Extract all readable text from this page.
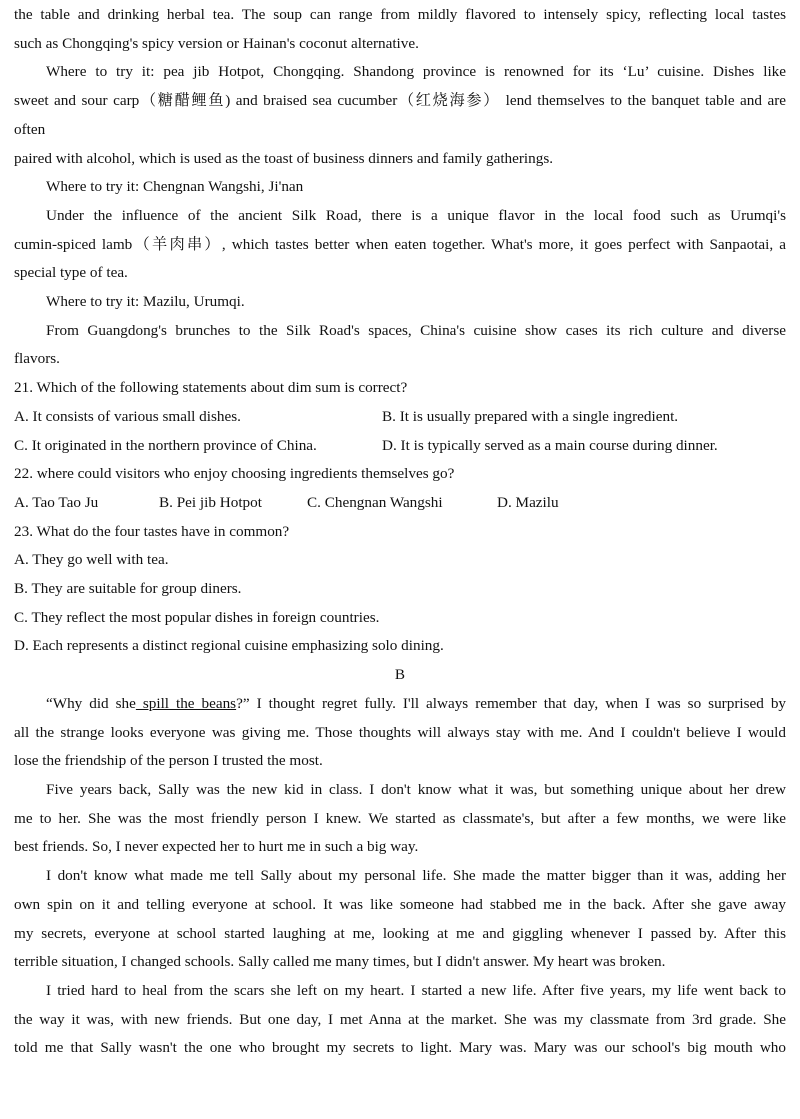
the table and drinking herbal tea. The soup can range from mildly flavored to intensely spicy, reflecting local tastes

such as Chongqing's spicy version or Hainan's coconut alternative.

Where to try it: pea jib Hotpot, Chongqing. Shandong province is renowned for its ‘Lu’ cuisine. Dishes like

sweet and sour carp（糖醋鲤鱼) and braised sea cucumber（红烧海参） lend themselves to the banquet table and are

often

paired with alcohol, which is used as the toast of business dinners and family gatherings.

Where to try it: Chengnan Wangshi, Ji'nan

Under the influence of the ancient Silk Road, there is a unique flavor in the local food such as Urumqi's

cumin-spiced lamb（羊肉串）, which tastes better when eaten together. What's more, it goes perfect with Sanpaotai, a

special type of tea.

Where to try it: Mazilu, Urumqi.

From Guangdong's brunches to the Silk Road's spaces, China's cuisine show cases its rich culture and diverse

flavors.

21. Which of the following statements about dim sum is correct?

A. It consists of various small dishes.	B. It is usually prepared with a single ingredient.
C. It originated in the northern province of China.	D. It is typically served as a main course during dinner.

22. where could visitors who enjoy choosing ingredients themselves go?

A. Tao Tao Ju	B. Pei jib Hotpot	C. Chengnan Wangshi	D. Mazilu

23. What do the four tastes have in common?

A. They go well with tea.

B. They are suitable for group diners.

C. They reflect the most popular dishes in foreign countries.

D. Each represents a distinct regional cuisine emphasizing solo dining.

B

“Why did she spill the beans?” I thought regret fully. I'll always remember that day, when I was so surprised by

all the strange looks everyone was giving me. Those thoughts will always stay with me. And I couldn't believe I would

lose the friendship of the person I trusted the most.

Five years back, Sally was the new kid in class. I don't know what it was, but something unique about her drew

me to her. She was the most friendly person I knew. We started as classmate's, but after a few months, we were like

best friends. So, I never expected her to hurt me in such a big way.

I don't know what made me tell Sally about my personal life. She made the matter bigger than it was, adding her

own spin on it and telling everyone at school. It was like someone had stabbed me in the back. After she gave away

my secrets, everyone at school started laughing at me, looking at me and giggling whenever I passed by. After this

terrible situation, I changed schools. Sally called me many times, but I didn't answer. My heart was broken.

I tried hard to heal from the scars she left on my heart. I started a new life. After five years, my life went back to

the way it was, with new friends. But one day, I met Anna at the market. She was my classmate from 3rd grade. She

told me that Sally wasn't the one who brought my secrets to light. Mary was. Mary was our school's big mouth who
